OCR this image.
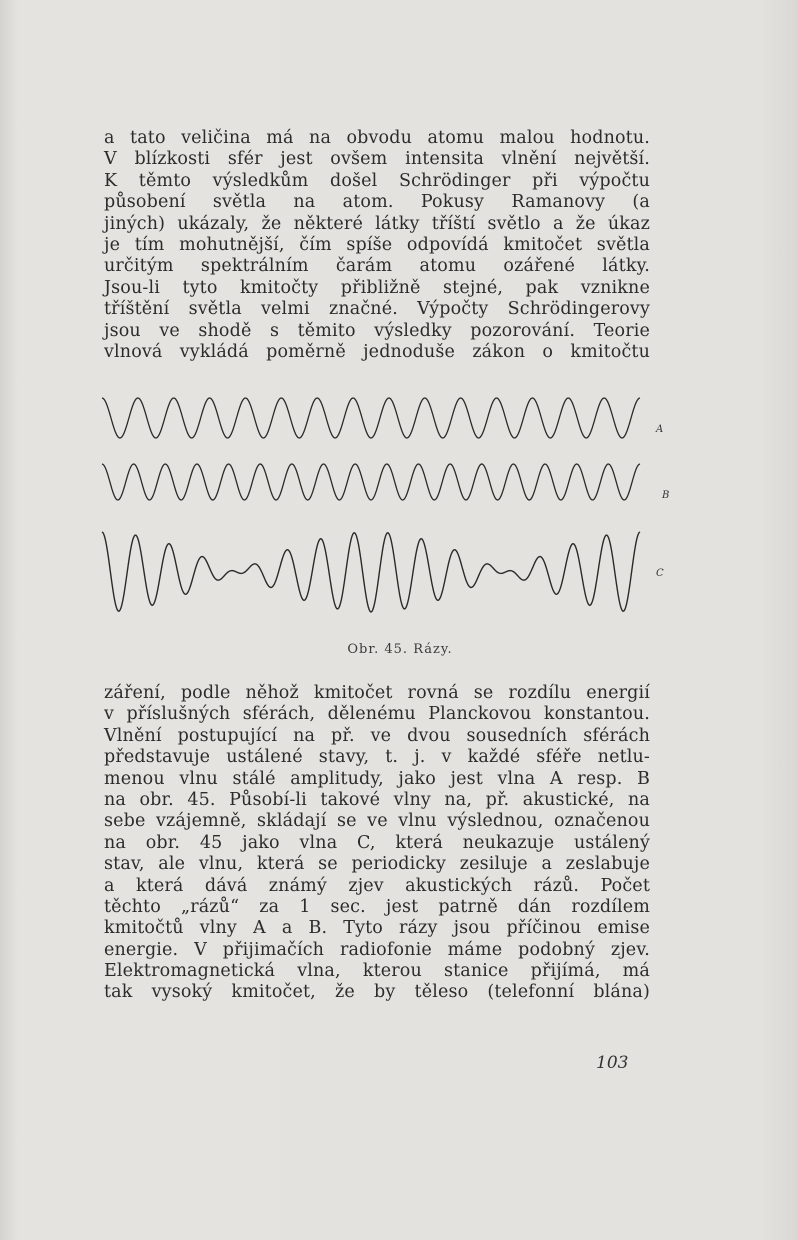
a tato veličina má na obvodu atomu malou hodnotu.
V blízkosti sfér jest ovšem intensita vlnění největší.
K těmto výsledkům došel Schrödinger při výpočtu
působení světla na atom. Pokusy Ramanovy (a
jiných) ukázaly, že některé látky tříští světlo a že úkaz
je tím mohutnější, čím spíše odpovídá kmitočet světla
určitým spektrálním čarám atomu ozářené látky.
Jsou-li tyto kmitočty přibližně stejné, pak vznikne
tříštění světla velmi značné. Výpočty Schrödingerovy
jsou ve shodě s těmito výsledky pozorování. Teorie
vlnová vykládá poměrně jednoduše zákon o kmitočtu
A
B
C
Obr. 45. Rázy.
záření, podle něhož kmitočet rovná se rozdílu energií
v příslušných sférách, dělenému Planckovou konstantou.
Vlnění postupující na př. ve dvou sousedních sférách
představuje ustálené stavy, t. j. v každé sféře netlu-
menou vlnu stálé amplitudy, jako jest vlna A resp. B
na obr. 45. Působí-li takové vlny na, př. akustické, na
sebe vzájemně, skládají se ve vlnu výslednou, označenou
na obr. 45 jako vlna C, která neukazuje ustálený
stav, ale vlnu, která se periodicky zesiluje a zeslabuje
a která dává známý zjev akustických rázů. Počet
těchto „rázů“ za 1 sec. jest patrně dán rozdílem
kmitočtů vlny A a B. Tyto rázy jsou příčinou emise
energie. V přijimačích radiofonie máme podobný zjev.
Elektromagnetická vlna, kterou stanice přijímá, má
tak vysoký kmitočet, že by těleso (telefonní blána)
103
